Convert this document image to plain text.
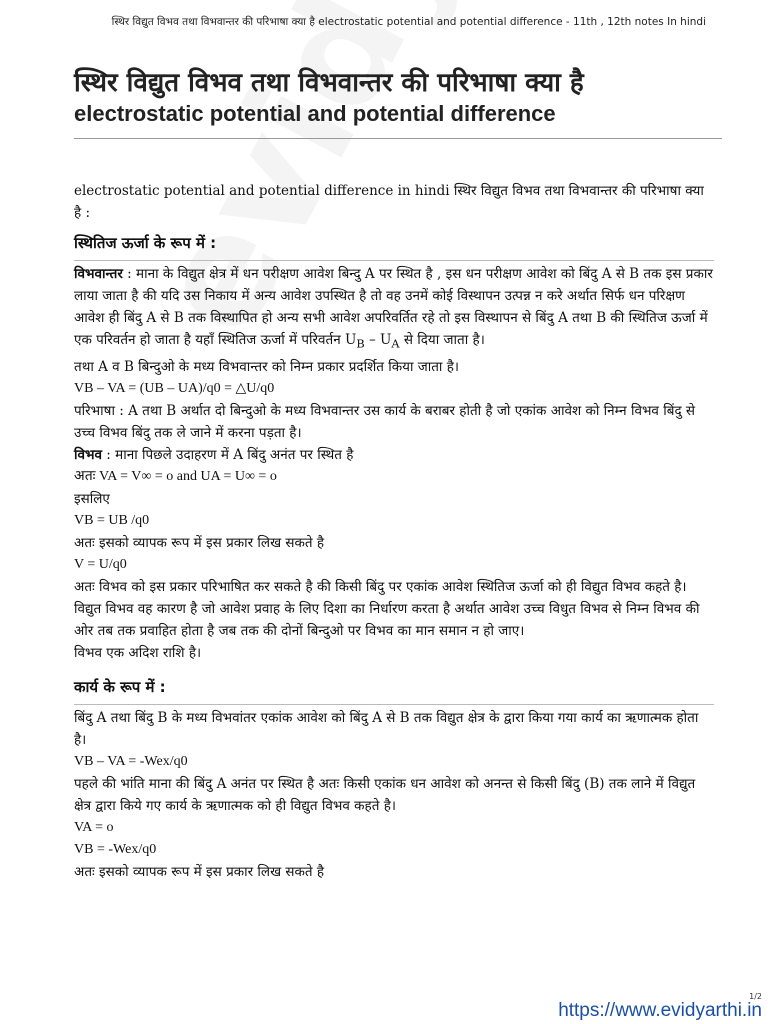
स्थिर विद्युत विभव तथा विभवान्तर की परिभाषा क्या है electrostatic potential and potential difference - 11th , 12th notes In hindi
स्थिर विद्युत विभव तथा विभवान्तर की परिभाषा क्या है
electrostatic potential and potential difference

electrostatic potential and potential difference in hindi स्थिर विद्युत विभव तथा विभवान्तर की परिभाषा क्या है :

स्थितिज ऊर्जा के रूप में :

विभवान्तर : माना के विद्युत क्षेत्र में धन परीक्षण आवेश बिन्दु A पर स्थित है , इस धन परीक्षण आवेश को बिंदु A से B तक इस प्रकार लाया जाता है की यदि उस निकाय में अन्य आवेश उपस्थित है तो वह उनमें कोई विस्थापन उत्पन्न न करे अर्थात सिर्फ धन परिक्षण आवेश ही बिंदु A से B तक विस्थापित हो अन्य सभी आवेश अपरिवर्तित रहे तो इस विस्थापन से बिंदु A तथा B की स्थितिज ऊर्जा में एक परिवर्तन हो जाता है यहाँ स्थितिज ऊर्जा में परिवर्तन $U_B - U_A$ से दिया जाता है।

तथा A व B बिन्दुओ के मध्य विभवान्तर को निम्न प्रकार प्रदर्शित किया जाता है।

VB – VA = (UB – UA)/q0 = △U/q0

परिभाषा : A तथा B अर्थात दो बिन्दुओ के मध्य विभवान्तर उस कार्य के बराबर होती है जो एकांक आवेश को निम्न विभव बिंदु से उच्च विभव बिंदु तक ले जाने में करना पड़ता है।

विभव : माना पिछले उदाहरण में A बिंदु अनंत पर स्थित है

अतः VA = V∞ = o and UA = U∞ = o

इसलिए

VB = UB /q0

अतः इसको व्यापक रूप में इस प्रकार लिख सकते है

V = U/q0

अतः विभव को इस प्रकार परिभाषित कर सकते है की किसी बिंदु पर एकांक आवेश स्थितिज ऊर्जा को ही विद्युत विभव कहते है।

विद्युत विभव वह कारण है जो आवेश प्रवाह के लिए दिशा का निर्धारण करता है अर्थात आवेश उच्च विधुत विभव से निम्न विभव की ओर तब तक प्रवाहित होता है जब तक की दोनों बिन्दुओ पर विभव का मान समान न हो जाए।

विभव एक अदिश राशि है।

कार्य के रूप में :

बिंदु A तथा बिंदु B के मध्य विभवांतर एकांक आवेश को बिंदु A से B तक विद्युत क्षेत्र के द्वारा किया गया कार्य का ऋणात्मक होता है।

VB – VA = -Wex/q0

पहले की भांति माना की बिंदु A अनंत पर स्थित है अतः किसी एकांक धन आवेश को अनन्त से किसी बिंदु (B) तक लाने में विद्युत क्षेत्र द्वारा किये गए कार्य के ऋणात्मक को ही विद्युत विभव कहते है।

VA = o

VB = -Wex/q0

अतः इसको व्यापक रूप में इस प्रकार लिख सकते है

1/2
https://www.evidyarthi.in
